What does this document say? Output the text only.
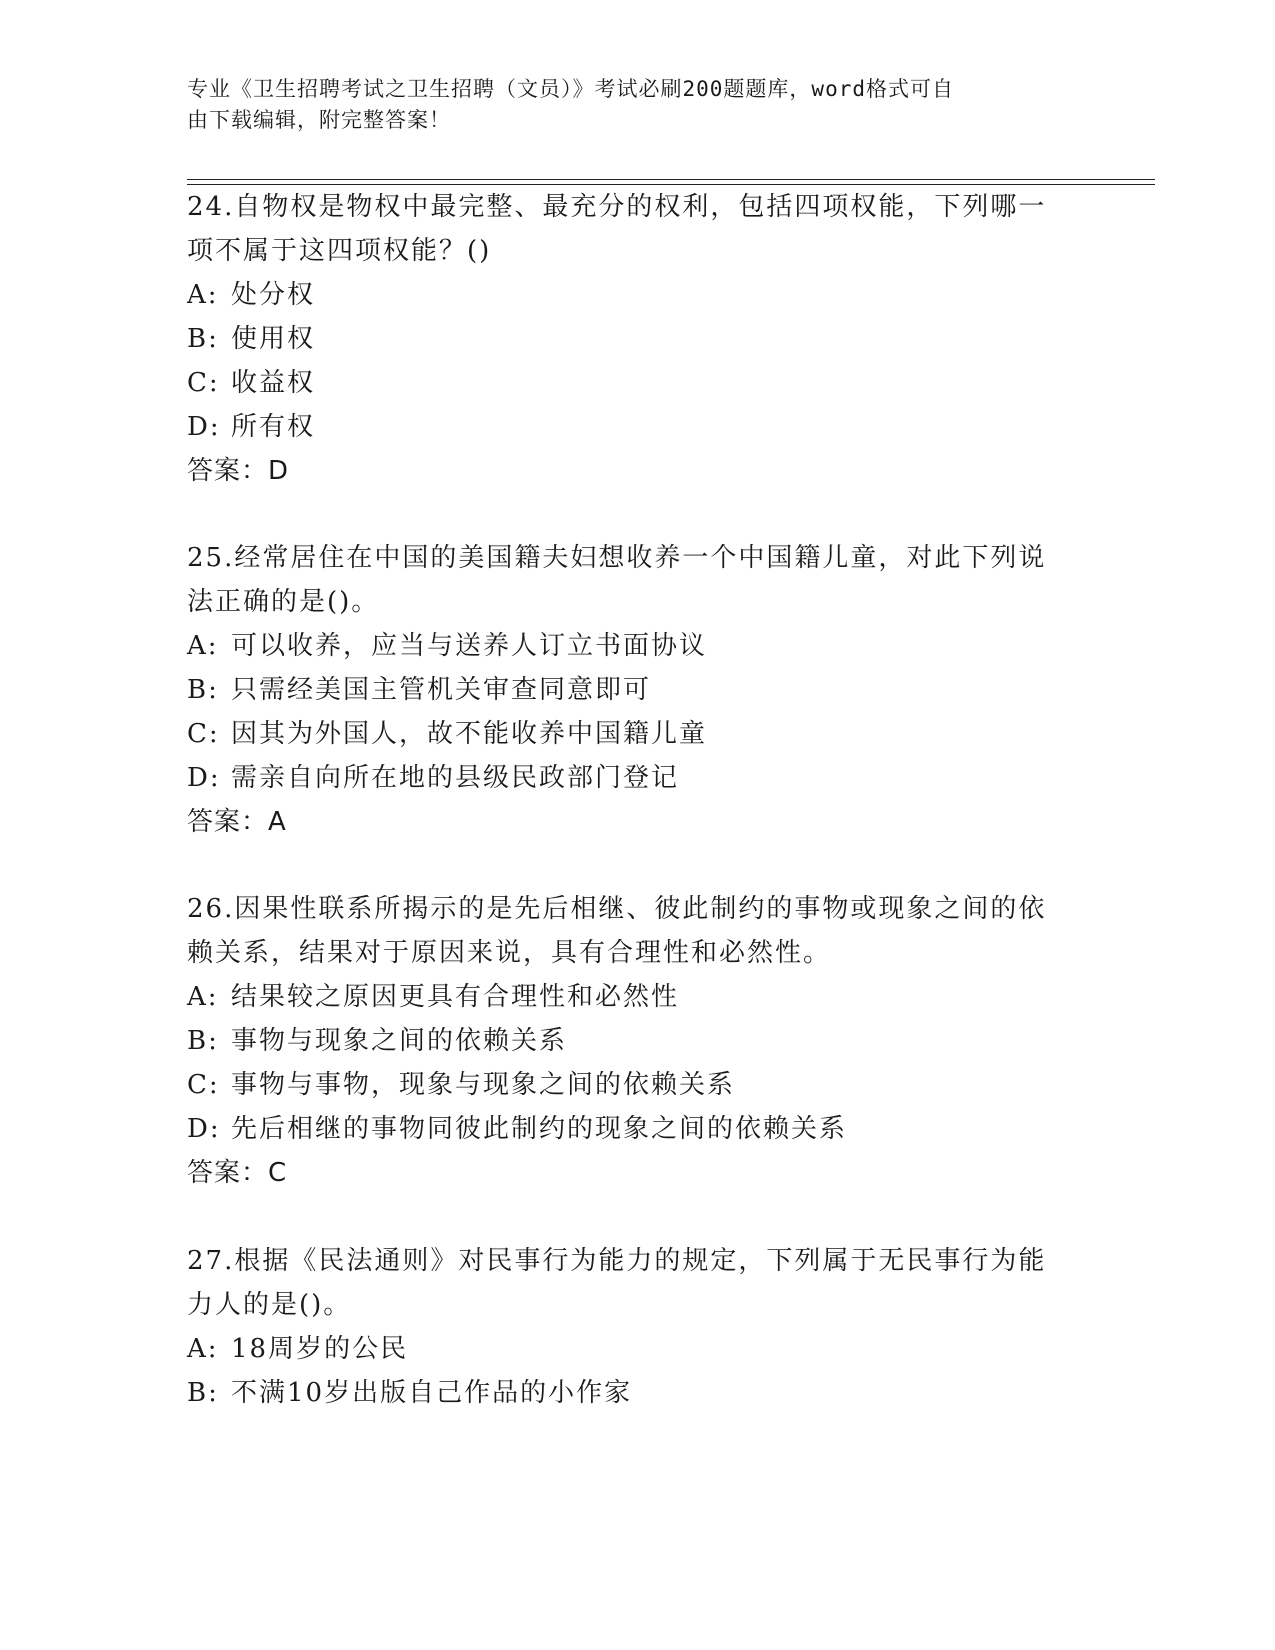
专业《卫生招聘考试之卫生招聘（文员）》考试必刷200题题库，word格式可自
由下载编辑，附完整答案！
24.自物权是物权中最完整、最充分的权利，包括四项权能，下列哪一
项不属于这四项权能？()
A: 处分权
B: 使用权
C: 收益权
D: 所有权
答案：D
25.经常居住在中国的美国籍夫妇想收养一个中国籍儿童，对此下列说
法正确的是()。
A: 可以收养，应当与送养人订立书面协议
B: 只需经美国主管机关审查同意即可
C: 因其为外国人，故不能收养中国籍儿童
D: 需亲自向所在地的县级民政部门登记
答案：A
26.因果性联系所揭示的是先后相继、彼此制约的事物或现象之间的依
赖关系，结果对于原因来说，具有合理性和必然性。
A: 结果较之原因更具有合理性和必然性
B: 事物与现象之间的依赖关系
C: 事物与事物，现象与现象之间的依赖关系
D: 先后相继的事物同彼此制约的现象之间的依赖关系
答案：C
27.根据《民法通则》对民事行为能力的规定，下列属于无民事行为能
力人的是()。
A: 18周岁的公民
B: 不满10岁出版自己作品的小作家
